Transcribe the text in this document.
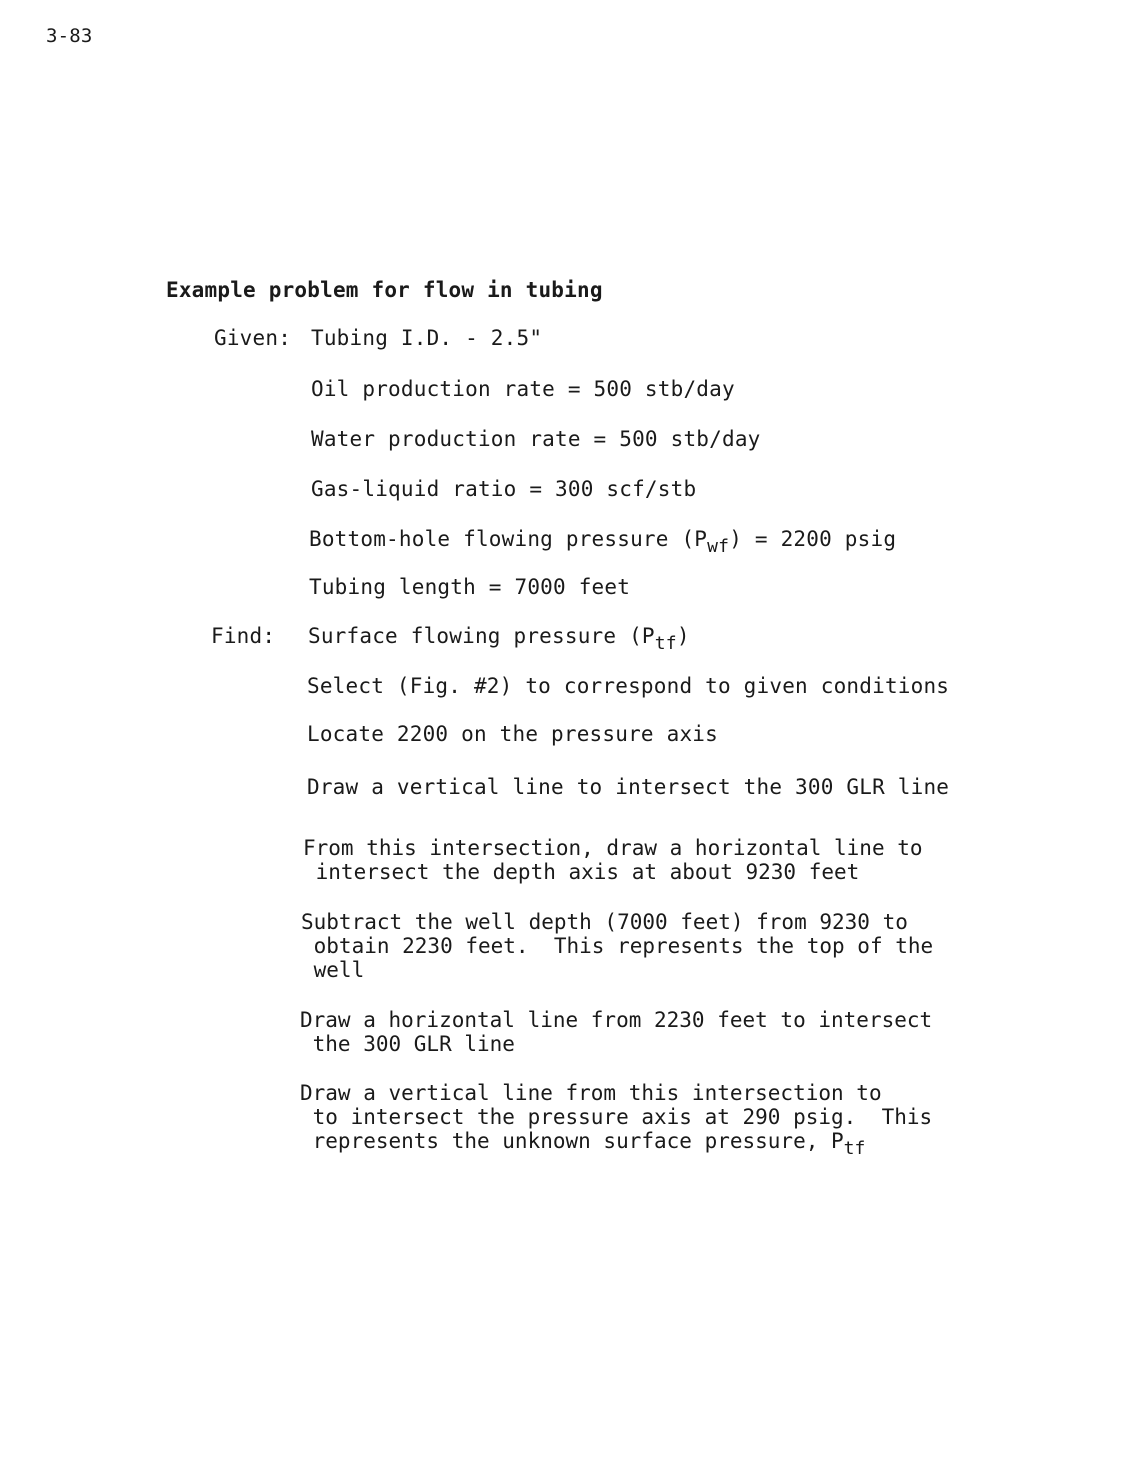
3-83
Example problem for flow in tubing
Given: Tubing I.D. - 2.5"
Oil production rate = 500 stb/day
Water production rate = 500 stb/day
Gas-liquid ratio = 300 scf/stb
Bottom-hole flowing pressure $(P_{wf}) = 2200$ psig
Tubing length = 7000 feet
Find: Surface flowing pressure $(P_{tf})$
Select (Fig. #2) to correspond to given conditions
Locate 2200 on the pressure axis
Draw a vertical line to intersect the 300 GLR line
From this intersection, draw a horizontal line to
intersect the depth axis at about 9230 feet
Subtract the well depth (7000 feet) from 9230 to
obtain 2230 feet.  This represents the top of the
well
Draw a horizontal line from 2230 feet to intersect
the 300 GLR line
Draw a vertical line from this intersection to
to intersect the pressure axis at 290 psig.  This
represents the unknown surface pressure, $P_{tf}$
